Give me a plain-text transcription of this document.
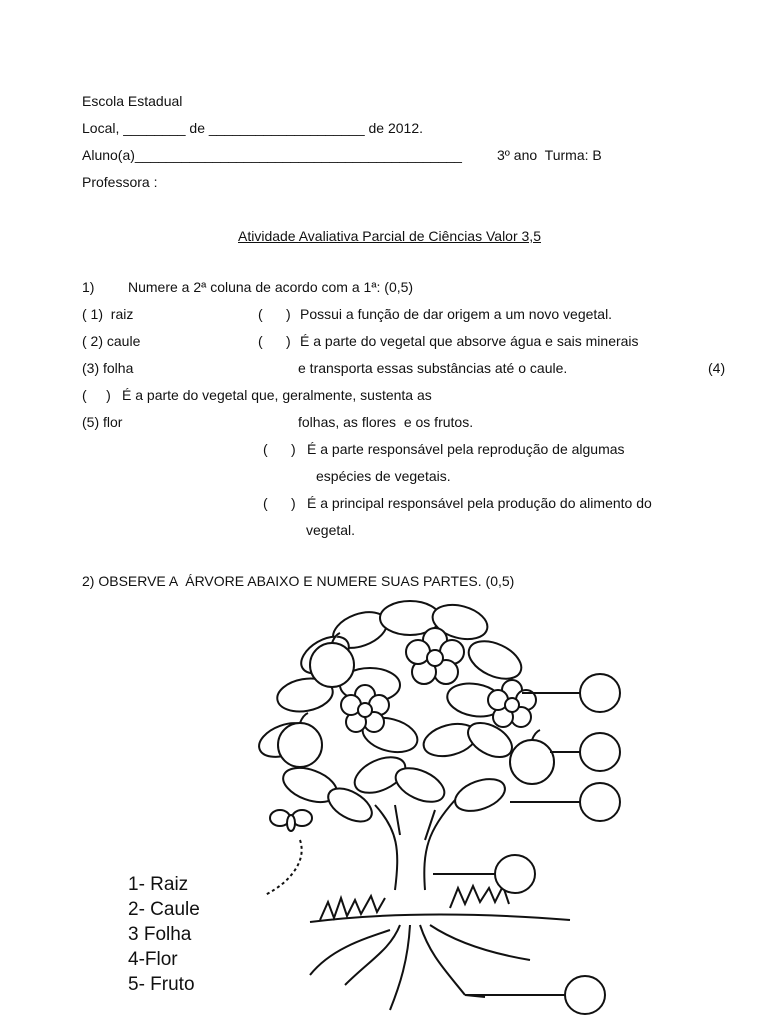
Escola Estadual
Local, ________ de ____________________ de 2012.
Aluno(a)__________________________________________	3º ano  Turma: B
Professora :
Atividade Avaliativa Parcial de Ciências Valor 3,5
1) Numere a 2ª coluna de acordo com a 1ª: (0,5)
( 1)  raiz	(      ) Possui a função de dar origem a um novo vegetal.
( 2) caule	(      ) É a parte do vegetal que absorve água e sais minerais
(3) folha	e transporta essas substâncias até o caule.	(4)
(     ) É a parte do vegetal que, geralmente, sustenta as
(5) flor	folhas, as flores  e os frutos.
(      ) É a parte responsável pela reprodução de algumas
espécies de vegetais.
(      ) É a principal responsável pela produção do alimento do
vegetal.
2) OBSERVE A  ÁRVORE ABAIXO E NUMERE SUAS PARTES. (0,5)
1- Raiz
2- Caule
3 Folha
4-Flor
5- Fruto
